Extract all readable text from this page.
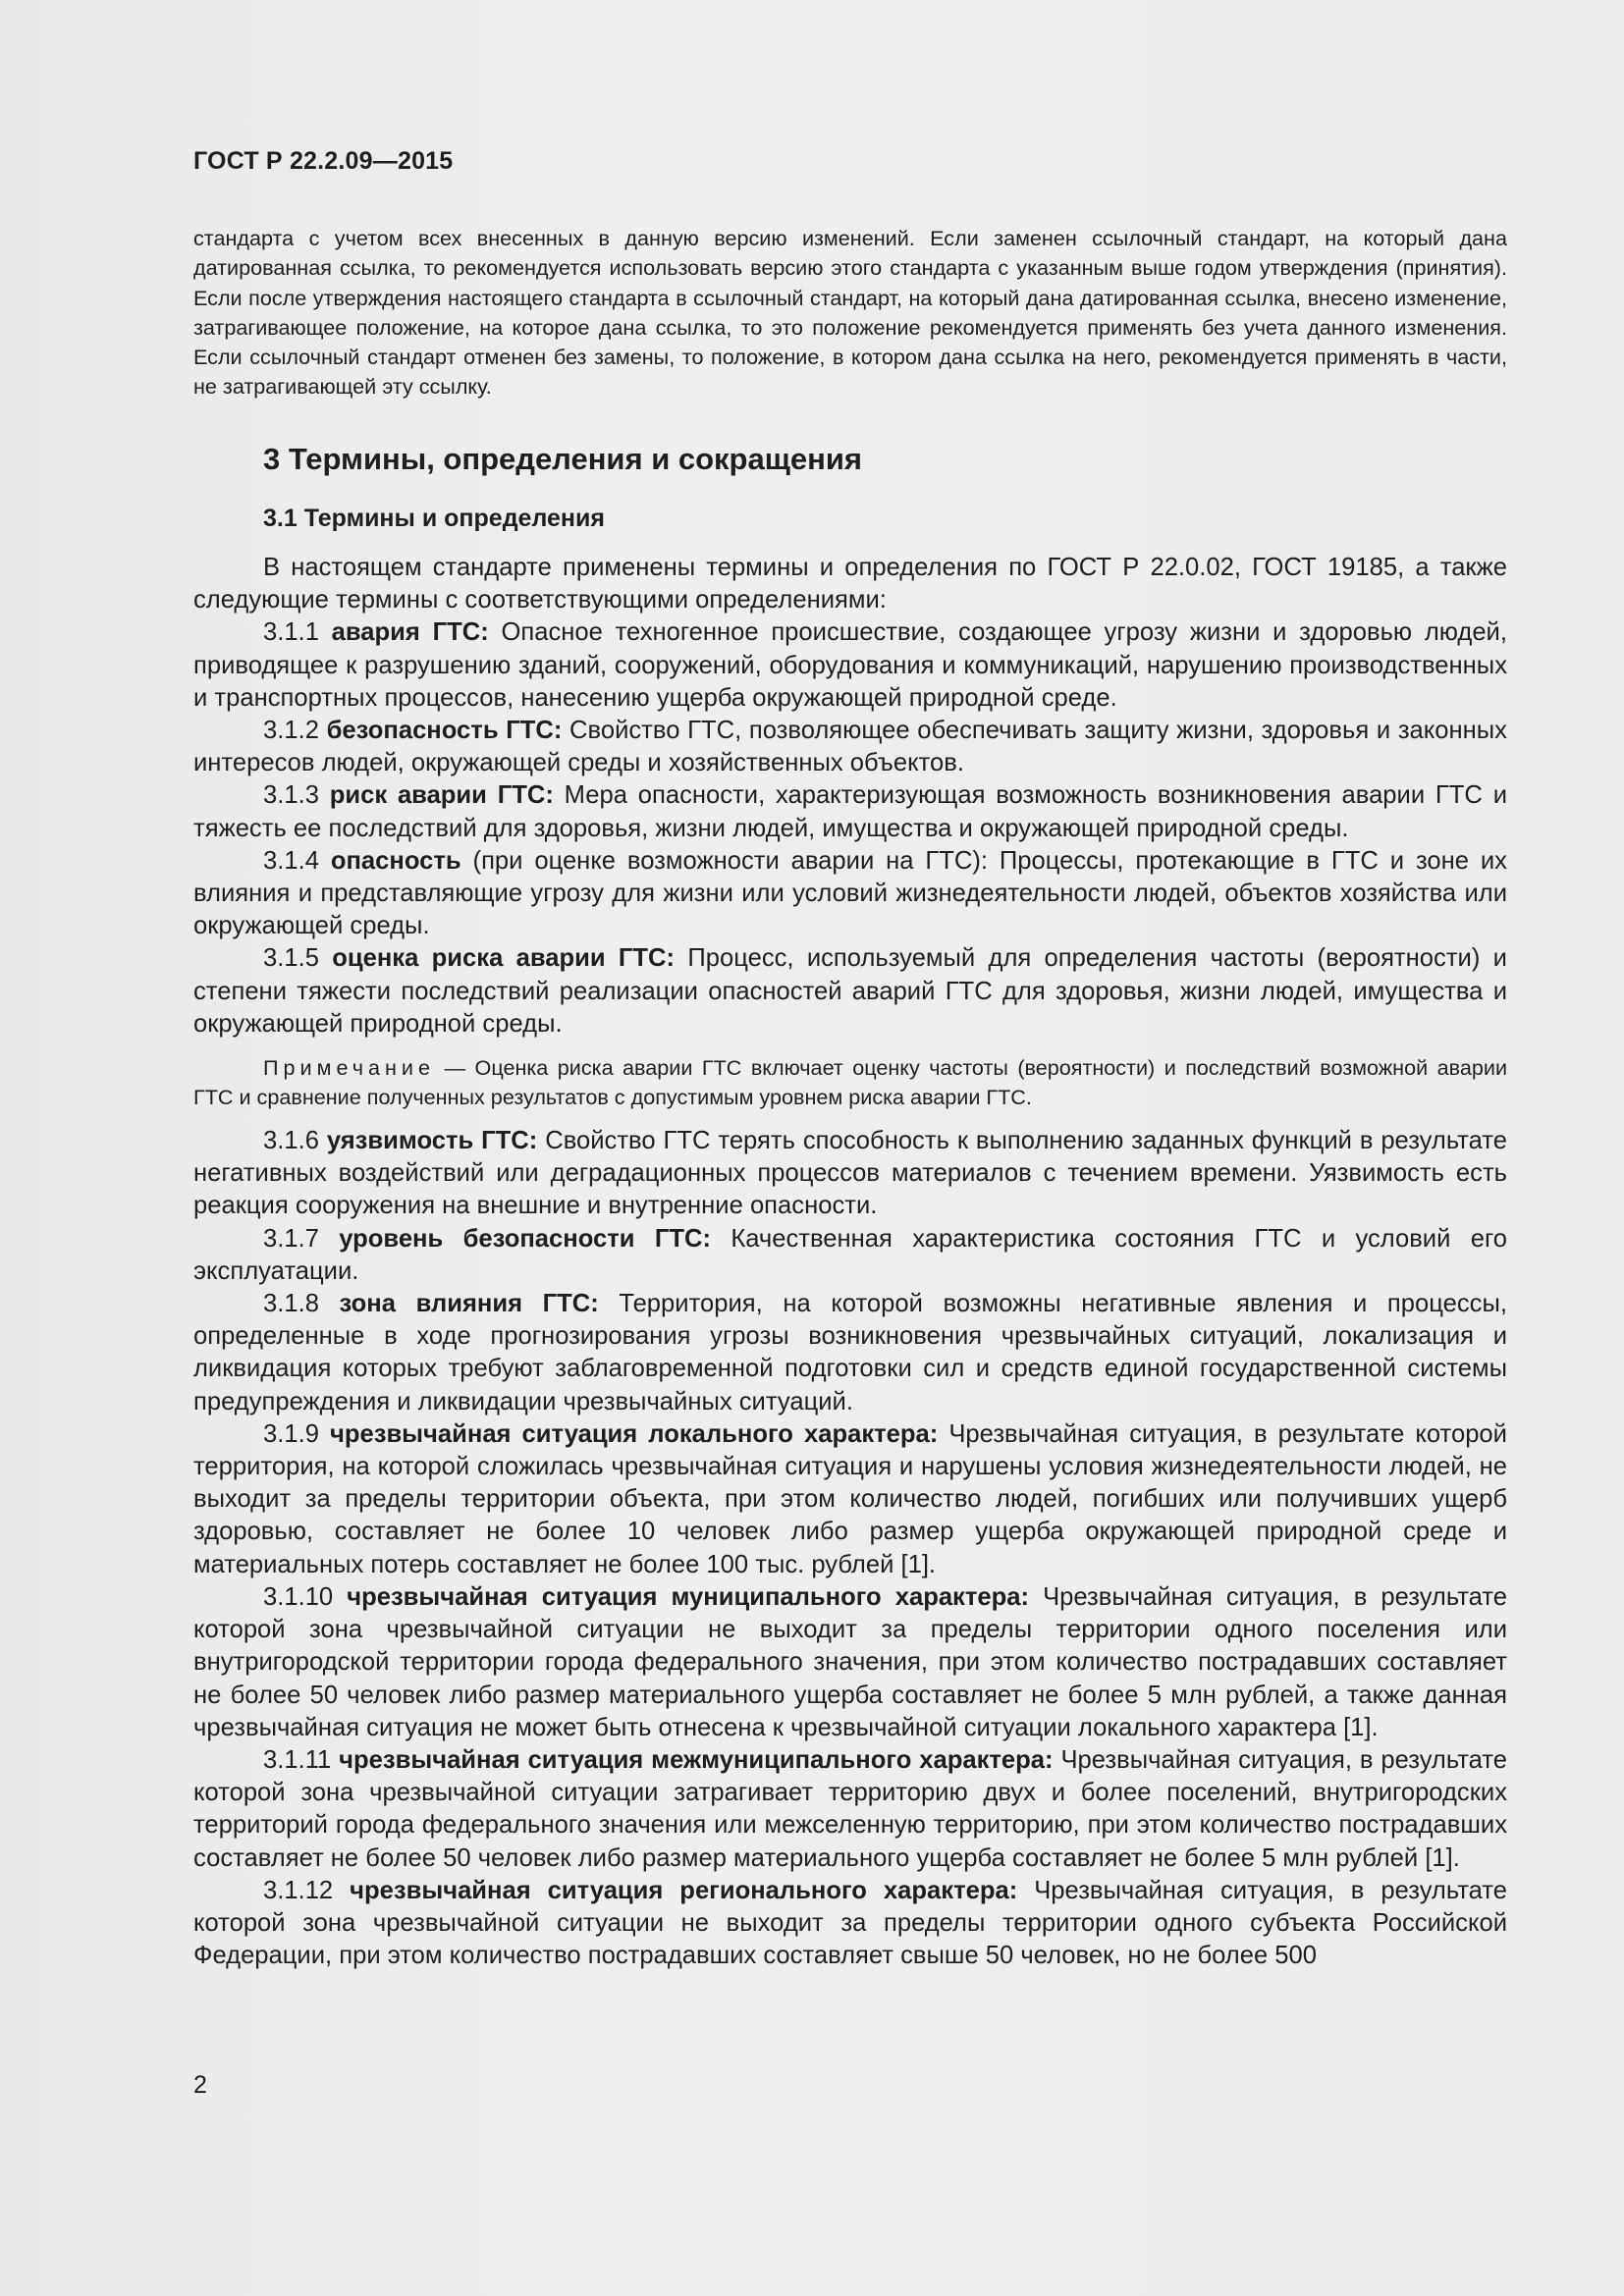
ГОСТ Р 22.2.09—2015

стандарта с учетом всех внесенных в данную версию изменений. Если заменен ссылочный стандарт, на который дана датированная ссылка, то рекомендуется использовать версию этого стандарта с указанным выше годом утверждения (принятия). Если после утверждения настоящего стандарта в ссылочный стандарт, на который дана датированная ссылка, внесено изменение, затрагивающее положение, на которое дана ссылка, то это положение рекомендуется применять без учета данного изменения. Если ссылочный стандарт отменен без замены, то положение, в котором дана ссылка на него, рекомендуется применять в части, не затрагивающей эту ссылку.

3 Термины, определения и сокращения
3.1 Термины и определения

В настоящем стандарте применены термины и определения по ГОСТ Р 22.0.02, ГОСТ 19185, а также следующие термины с соответствующими определениями:

3.1.1 авария ГТС: Опасное техногенное происшествие, создающее угрозу жизни и здоровью людей, приводящее к разрушению зданий, сооружений, оборудования и коммуникаций, нарушению производственных и транспортных процессов, нанесению ущерба окружающей природной среде.

3.1.2 безопасность ГТС: Свойство ГТС, позволяющее обеспечивать защиту жизни, здоровья и законных интересов людей, окружающей среды и хозяйственных объектов.

3.1.3 риск аварии ГТС: Мера опасности, характеризующая возможность возникновения аварии ГТС и тяжесть ее последствий для здоровья, жизни людей, имущества и окружающей природной среды.

3.1.4 опасность (при оценке возможности аварии на ГТС): Процессы, протекающие в ГТС и зоне их влияния и представляющие угрозу для жизни или условий жизнедеятельности людей, объектов хозяйства или окружающей среды.

3.1.5 оценка риска аварии ГТС: Процесс, используемый для определения частоты (вероятности) и степени тяжести последствий реализации опасностей аварий ГТС для здоровья, жизни людей, имущества и окружающей природной среды.

Примечание — Оценка риска аварии ГТС включает оценку частоты (вероятности) и последствий возможной аварии ГТС и сравнение полученных результатов с допустимым уровнем риска аварии ГТС.

3.1.6 уязвимость ГТС: Свойство ГТС терять способность к выполнению заданных функций в результате негативных воздействий или деградационных процессов материалов с течением времени. Уязвимость есть реакция сооружения на внешние и внутренние опасности.

3.1.7 уровень безопасности ГТС: Качественная характеристика состояния ГТС и условий его эксплуатации.

3.1.8 зона влияния ГТС: Территория, на которой возможны негативные явления и процессы, определенные в ходе прогнозирования угрозы возникновения чрезвычайных ситуаций, локализация и ликвидация которых требуют заблаговременной подготовки сил и средств единой государственной системы предупреждения и ликвидации чрезвычайных ситуаций.

3.1.9 чрезвычайная ситуация локального характера: Чрезвычайная ситуация, в результате которой территория, на которой сложилась чрезвычайная ситуация и нарушены условия жизнедеятельности людей, не выходит за пределы территории объекта, при этом количество людей, погибших или получивших ущерб здоровью, составляет не более 10 человек либо размер ущерба окружающей природной среде и материальных потерь составляет не более 100 тыс. рублей [1].

3.1.10 чрезвычайная ситуация муниципального характера: Чрезвычайная ситуация, в результате которой зона чрезвычайной ситуации не выходит за пределы территории одного поселения или внутригородской территории города федерального значения, при этом количество пострадавших составляет не более 50 человек либо размер материального ущерба составляет не более 5 млн рублей, а также данная чрезвычайная ситуация не может быть отнесена к чрезвычайной ситуации локального характера [1].

3.1.11 чрезвычайная ситуация межмуниципального характера: Чрезвычайная ситуация, в результате которой зона чрезвычайной ситуации затрагивает территорию двух и более поселений, внутригородских территорий города федерального значения или межселенную территорию, при этом количество пострадавших составляет не более 50 человек либо размер материального ущерба составляет не более 5 млн рублей [1].

3.1.12 чрезвычайная ситуация регионального характера: Чрезвычайная ситуация, в результате которой зона чрезвычайной ситуации не выходит за пределы территории одного субъекта Российской Федерации, при этом количество пострадавших составляет свыше 50 человек, но не более 500

2
